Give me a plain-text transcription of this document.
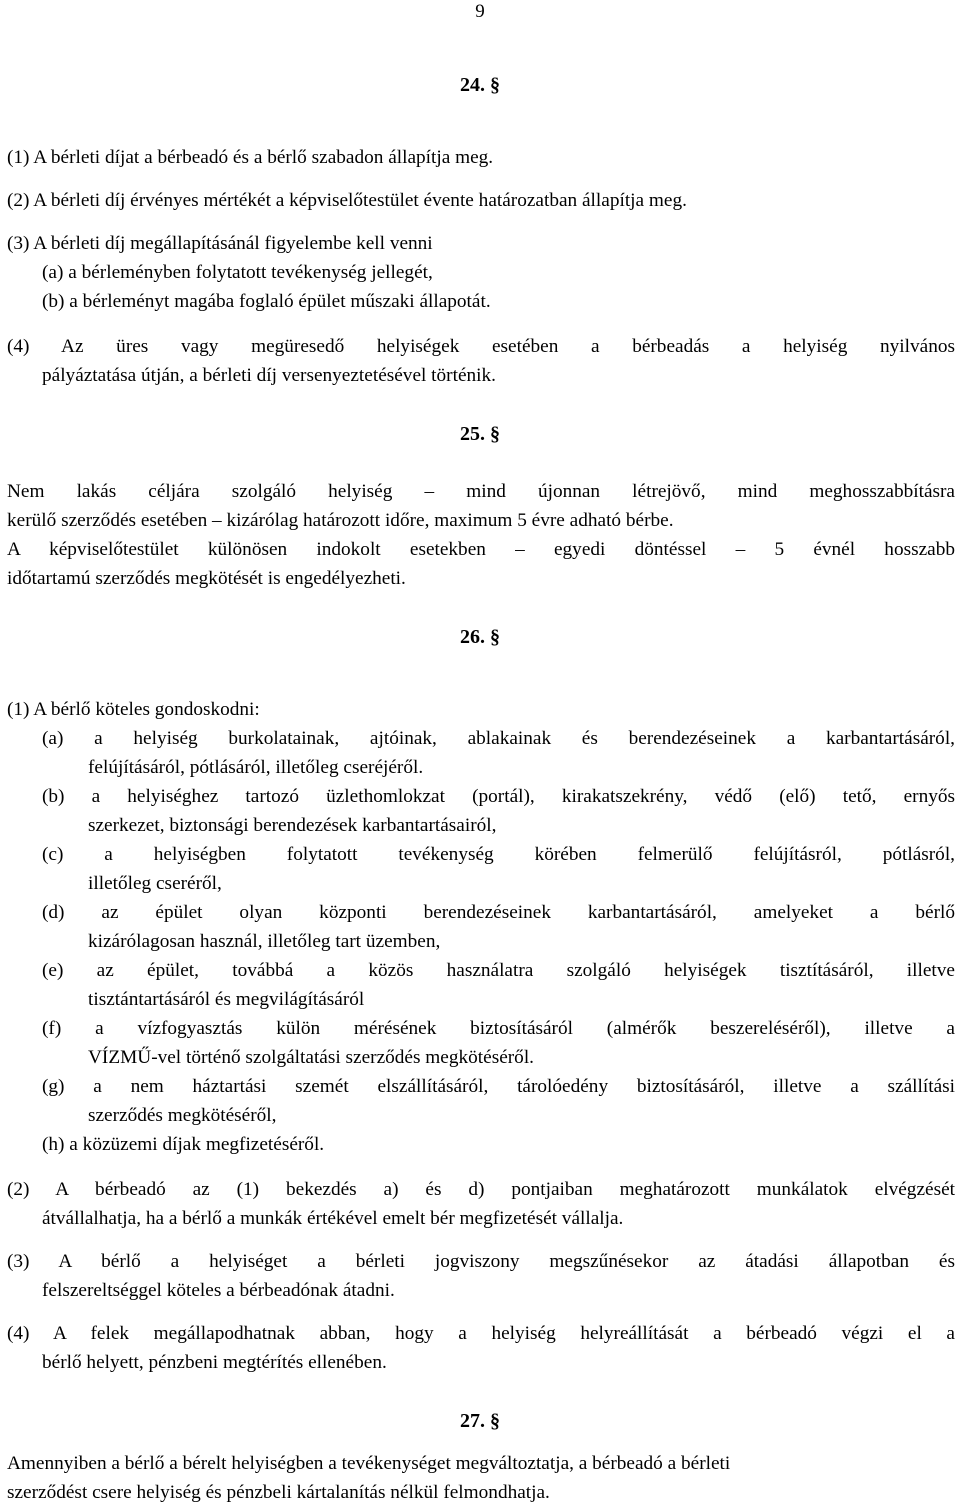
9
24. §
(1) A bérleti díjat a bérbeadó és a bérlő szabadon állapítja meg.
(2) A bérleti díj érvényes mértékét a képviselőtestület évente határozatban állapítja meg.
(3) A bérleti díj megállapításánál figyelembe kell venni
(a) a bérleményben folytatott tevékenység jellegét,
(b) a bérleményt magába foglaló épület műszaki állapotát.
(4) Az üres vagy megüresedő helyiségek esetében a bérbeadás a helyiség nyilvános
pályáztatása útján, a bérleti díj versenyeztetésével történik.
25. §
Nem lakás céljára szolgáló helyiség – mind újonnan létrejövő, mind meghosszabbításra
kerülő szerződés esetében – kizárólag határozott időre, maximum 5 évre adható bérbe.
A képviselőtestület különösen indokolt esetekben – egyedi döntéssel – 5 évnél hosszabb
időtartamú szerződés megkötését is engedélyezheti.
26. §
(1) A bérlő köteles gondoskodni:
(a) a helyiség burkolatainak, ajtóinak, ablakainak és berendezéseinek a karbantartásáról,
felújításáról, pótlásáról, illetőleg cseréjéről.
(b) a helyiséghez tartozó üzlethomlokzat (portál), kirakatszekrény, védő (elő) tető, ernyős
szerkezet, biztonsági berendezések karbantartásairól,
(c) a helyiségben folytatott tevékenység körében felmerülő felújításról, pótlásról,
illetőleg cseréről,
(d) az épület olyan központi berendezéseinek karbantartásáról, amelyeket a bérlő
kizárólagosan használ, illetőleg tart üzemben,
(e) az épület, továbbá a közös használatra szolgáló helyiségek tisztításáról, illetve
tisztántartásáról és megvilágításáról
(f) a vízfogyasztás külön mérésének biztosításáról (almérők beszereléséről), illetve a
VÍZMŰ-vel történő szolgáltatási szerződés megkötéséről.
(g) a nem háztartási szemét elszállításáról, tárolóedény biztosításáról, illetve a szállítási
szerződés megkötéséről,
(h) a közüzemi díjak megfizetéséről.
(2) A bérbeadó az (1) bekezdés a) és d) pontjaiban meghatározott munkálatok elvégzését
átvállalhatja, ha a bérlő a munkák értékével emelt bér megfizetését vállalja.
(3) A bérlő a helyiséget a bérleti jogviszony megszűnésekor az átadási állapotban és
felszereltséggel köteles a bérbeadónak átadni.
(4) A felek megállapodhatnak abban, hogy a helyiség helyreállítását a bérbeadó végzi el a
bérlő helyett, pénzbeni megtérítés ellenében.
27. §
Amennyiben a bérlő a bérelt helyiségben a tevékenységet megváltoztatja, a bérbeadó a bérleti
szerződést csere helyiség és pénzbeli kártalanítás nélkül felmondhatja.
